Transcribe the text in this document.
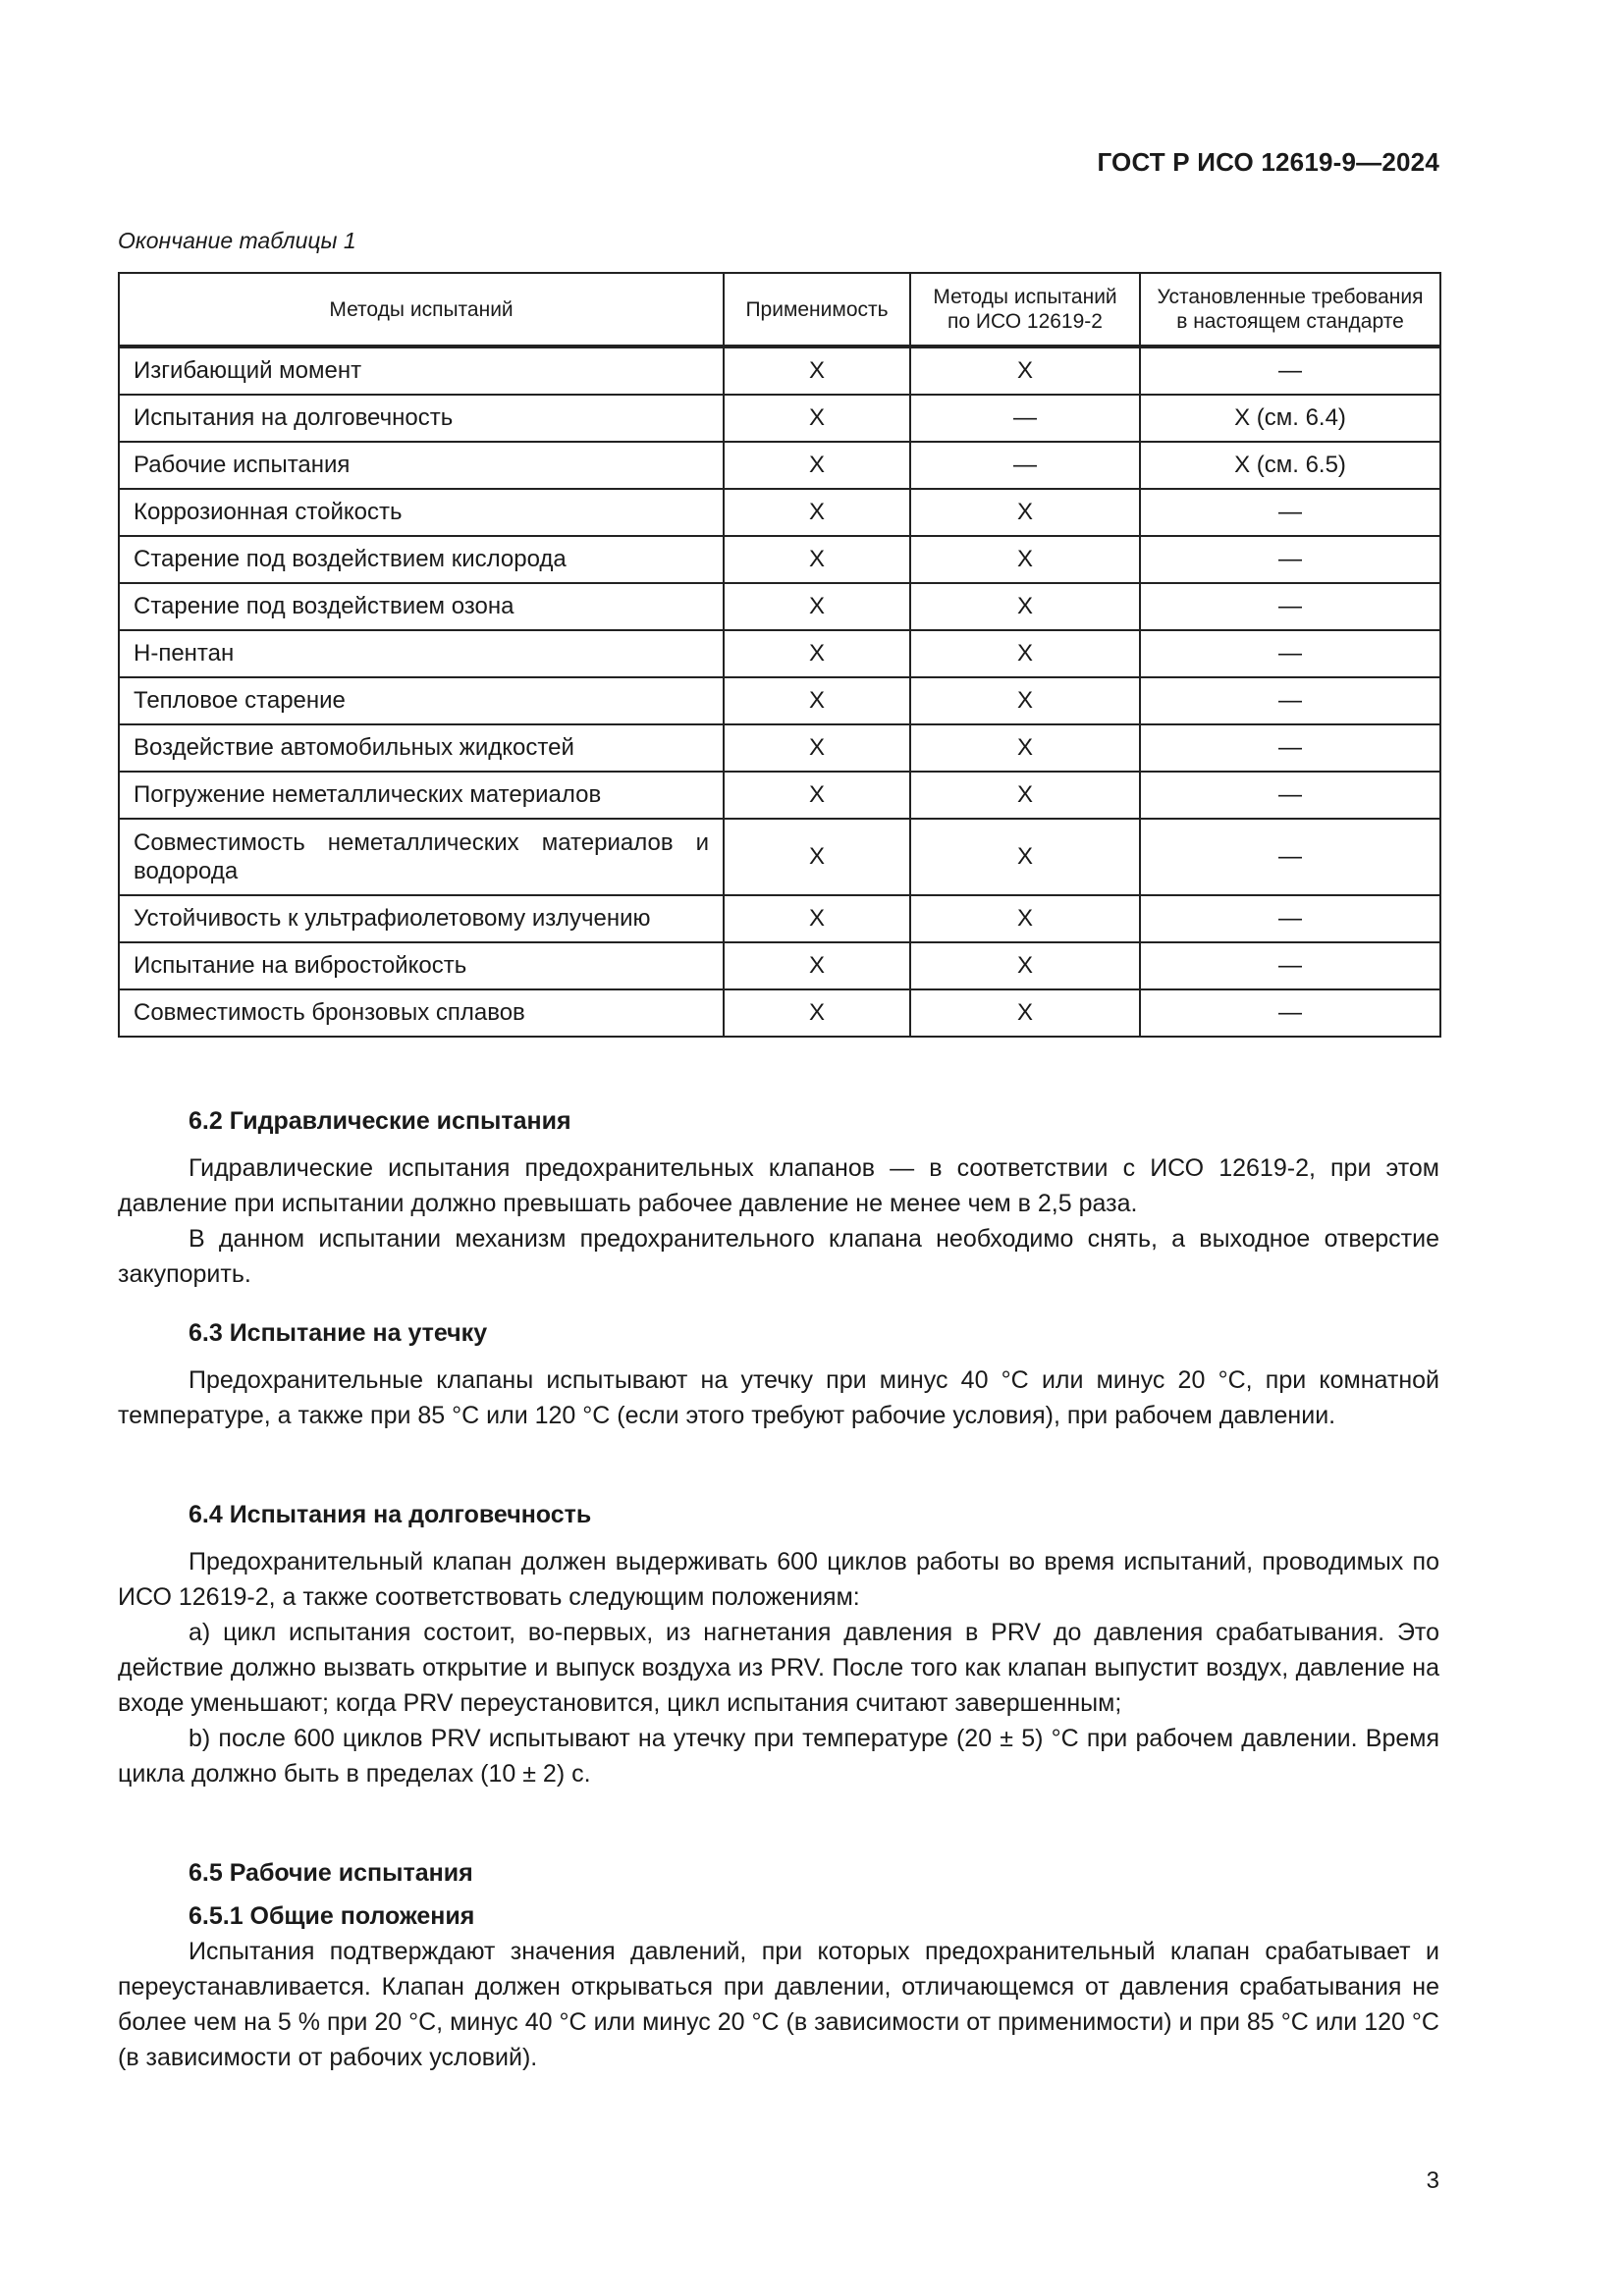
ГОСТ Р ИСО 12619-9—2024
Окончание таблицы 1
Методы испытаний	Применимость	Методы испытаний по ИСО 12619-2	Установленные требования в настоящем стандарте
Изгибающий момент	X	X	—
Испытания на долговечность	X	—	X (см. 6.4)
Рабочие испытания	X	—	X (см. 6.5)
Коррозионная стойкость	X	X	—
Старение под воздействием кислорода	X	X	—
Старение под воздействием озона	X	X	—
Н-пентан	X	X	—
Тепловое старение	X	X	—
Воздействие автомобильных жидкостей	X	X	—
Погружение неметаллических материалов	X	X	—
Совместимость неметаллических материалов и водорода	X	X	—
Устойчивость к ультрафиолетовому излучению	X	X	—
Испытание на вибростойкость	X	X	—
Совместимость бронзовых сплавов	X	X	—

6.2 Гидравлические испытания

Гидравлические испытания предохранительных клапанов — в соответствии с ИСО 12619-2, при этом давление при испытании должно превышать рабочее давление не менее чем в 2,5 раза.

В данном испытании механизм предохранительного клапана необходимо снять, а выходное отверстие закупорить.

6.3 Испытание на утечку

Предохранительные клапаны испытывают на утечку при минус 40 °С или минус 20 °С, при комнатной температуре, а также при 85 °С или 120 °С (если этого требуют рабочие условия), при рабочем давлении.

6.4 Испытания на долговечность

Предохранительный клапан должен выдерживать 600 циклов работы во время испытаний, проводимых по ИСО 12619-2, а также соответствовать следующим положениям:

а) цикл испытания состоит, во-первых, из нагнетания давления в PRV до давления срабатывания. Это действие должно вызвать открытие и выпуск воздуха из PRV. После того как клапан выпустит воздух, давление на входе уменьшают; когда PRV переустановится, цикл испытания считают завершенным;

b) после 600 циклов PRV испытывают на утечку при температуре (20 ± 5) °С при рабочем давлении. Время цикла должно быть в пределах (10 ± 2) с.

6.5 Рабочие испытания

6.5.1 Общие положения

Испытания подтверждают значения давлений, при которых предохранительный клапан срабатывает и переустанавливается. Клапан должен открываться при давлении, отличающемся от давления срабатывания не более чем на 5 % при 20 °С, минус 40 °С или минус 20 °С (в зависимости от применимости) и при 85 °С или 120 °С (в зависимости от рабочих условий).

3
